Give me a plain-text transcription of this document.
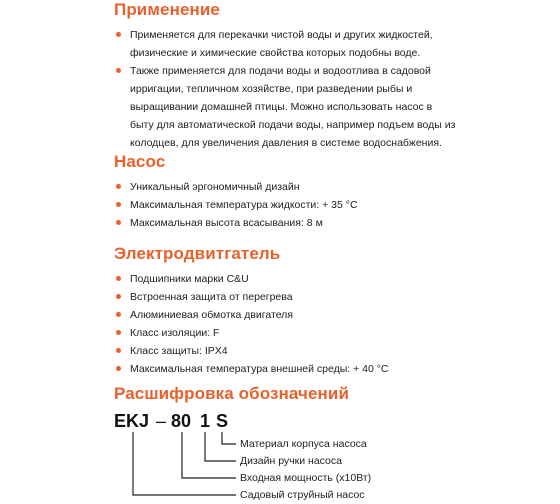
Применение
Применяется для перекачки чистой воды и других жидкостей,
физические и химические свойства которых подобны воде.
Также применяется для подачи воды и водоотлива в садовой
ирригации, тепличном хозяйстве, при разведении рыбы и
выращивании домашней птицы. Можно использовать насос в
быту для автоматической подачи воды, например подъем воды из
колодцев, для увеличения давления в системе водоснабжения.
Насос
Уникальный эргономичный дизайн
Максимальная температура жидкости: + 35 °C
Максимальная высота всасывания: 8 м
Электродвитгатель
Подшипники марки C&U
Встроенная защита от перегрева
Алюминиевая обмотка двигателя
Класс изоляции: F
Класс защиты: IPX4
Максимальная температура внешней среды: + 40 °C
Расшифровка обозначений
EKJ – 80 1 S
Материал корпуса насоса
Дизайн ручки насоса
Входная мощность (х10Вт)
Садовый струйный насос
